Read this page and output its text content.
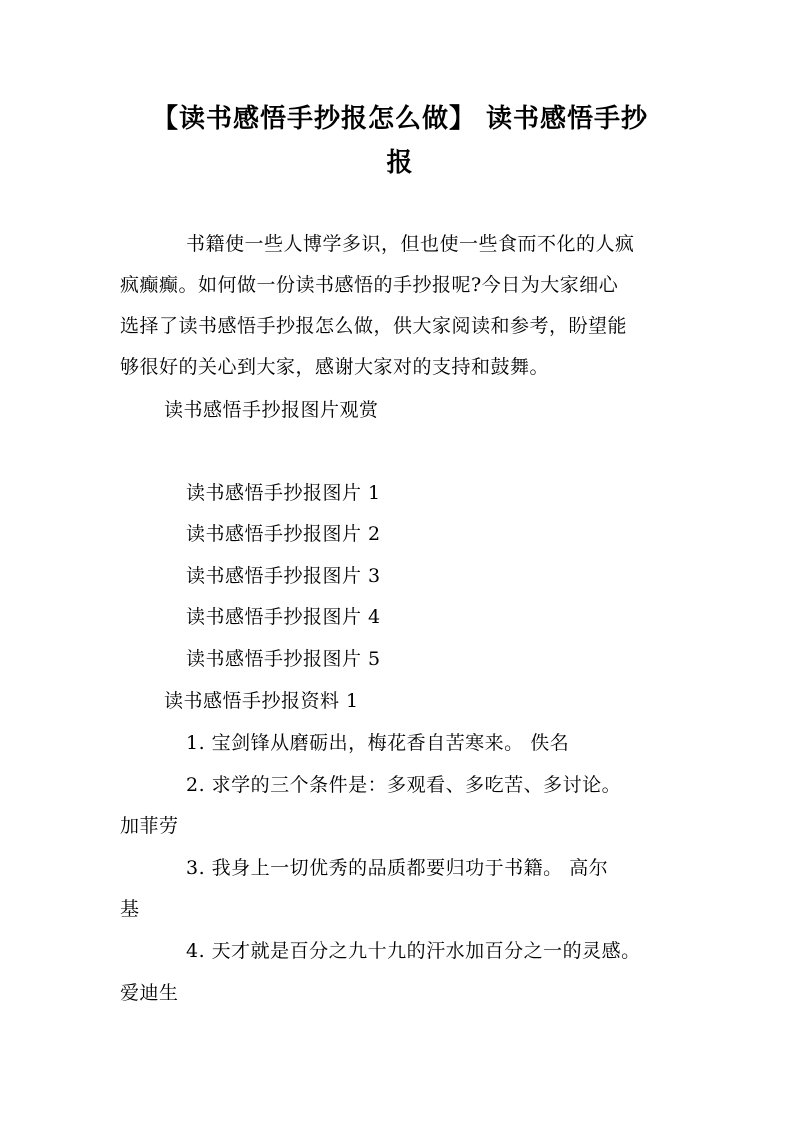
【读书感悟手抄报怎么做】 读书感悟手抄
报
书籍使一些人博学多识，但也使一些食而不化的人疯
疯癫癫。如何做一份读书感悟的手抄报呢?今日为大家细心
选择了读书感悟手抄报怎么做，供大家阅读和参考，盼望能
够很好的关心到大家，感谢大家对的支持和鼓舞。
读书感悟手抄报图片观赏
读书感悟手抄报图片 1
读书感悟手抄报图片 2
读书感悟手抄报图片 3
读书感悟手抄报图片 4
读书感悟手抄报图片 5
读书感悟手抄报资料 1
1. 宝剑锋从磨砺出，梅花香自苦寒来。 佚名
2. 求学的三个条件是：多观看、多吃苦、多讨论。
加菲劳
3. 我身上一切优秀的品质都要归功于书籍。 高尔
基
4. 天才就是百分之九十九的汗水加百分之一的灵感。
爱迪生
